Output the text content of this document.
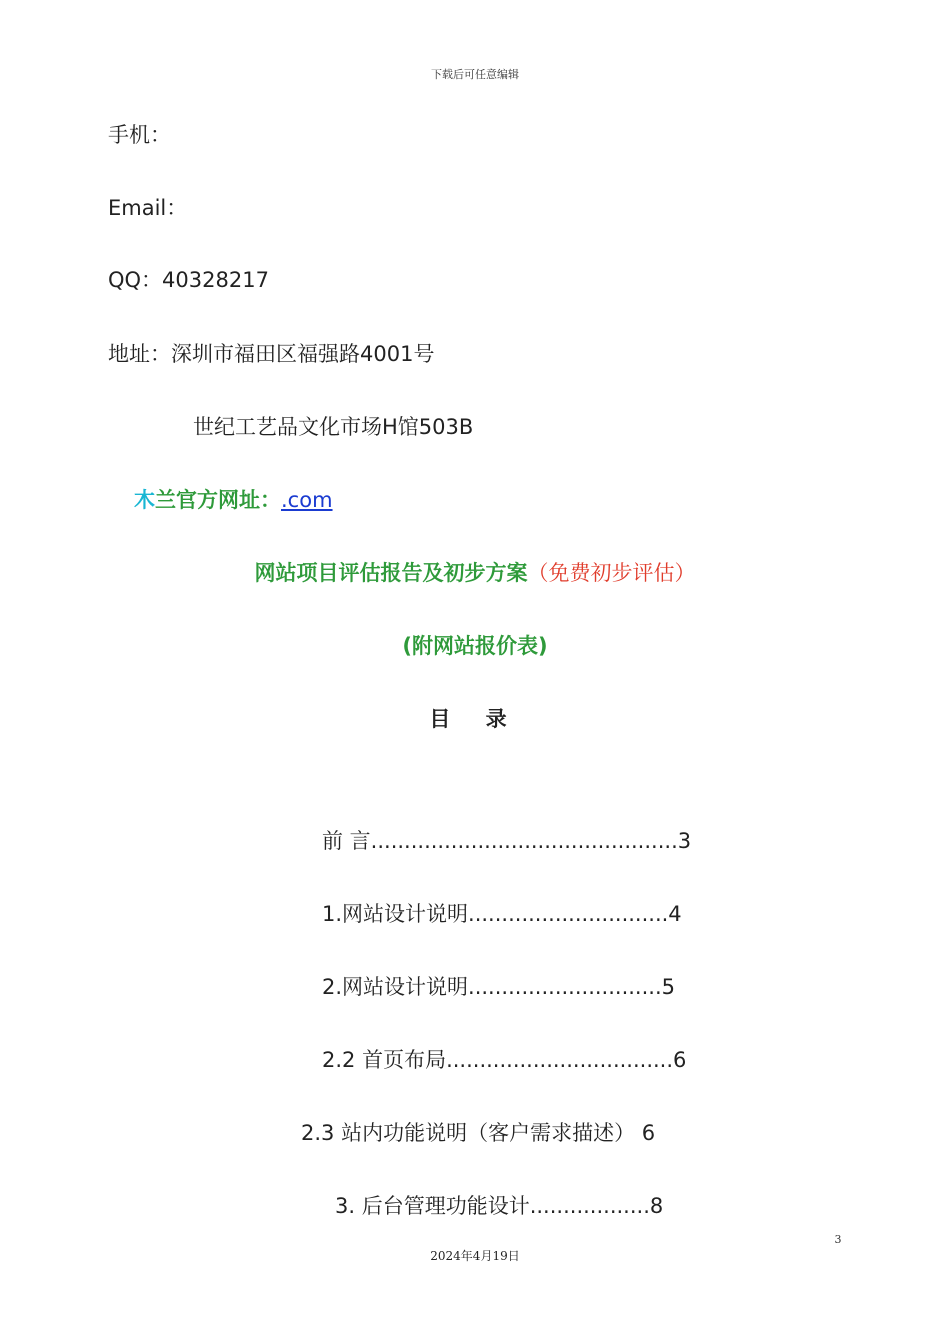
下载后可任意编辑
手机：
Email：
QQ：40328217
地址：深圳市福田区福强路4001号
世纪工艺品文化市场H馆503B
木兰官方网址：.com
网站项目评估报告及初步方案（免费初步评估）
(附网站报价表)
目 录
前 言..............................................3
1.网站设计说明..............................4
2.网站设计说明.............................5
2.2 首页布局..................................6
2.3 站内功能说明（客户需求描述） 6
3. 后台管理功能设计..................8
3
2024年4月19日
